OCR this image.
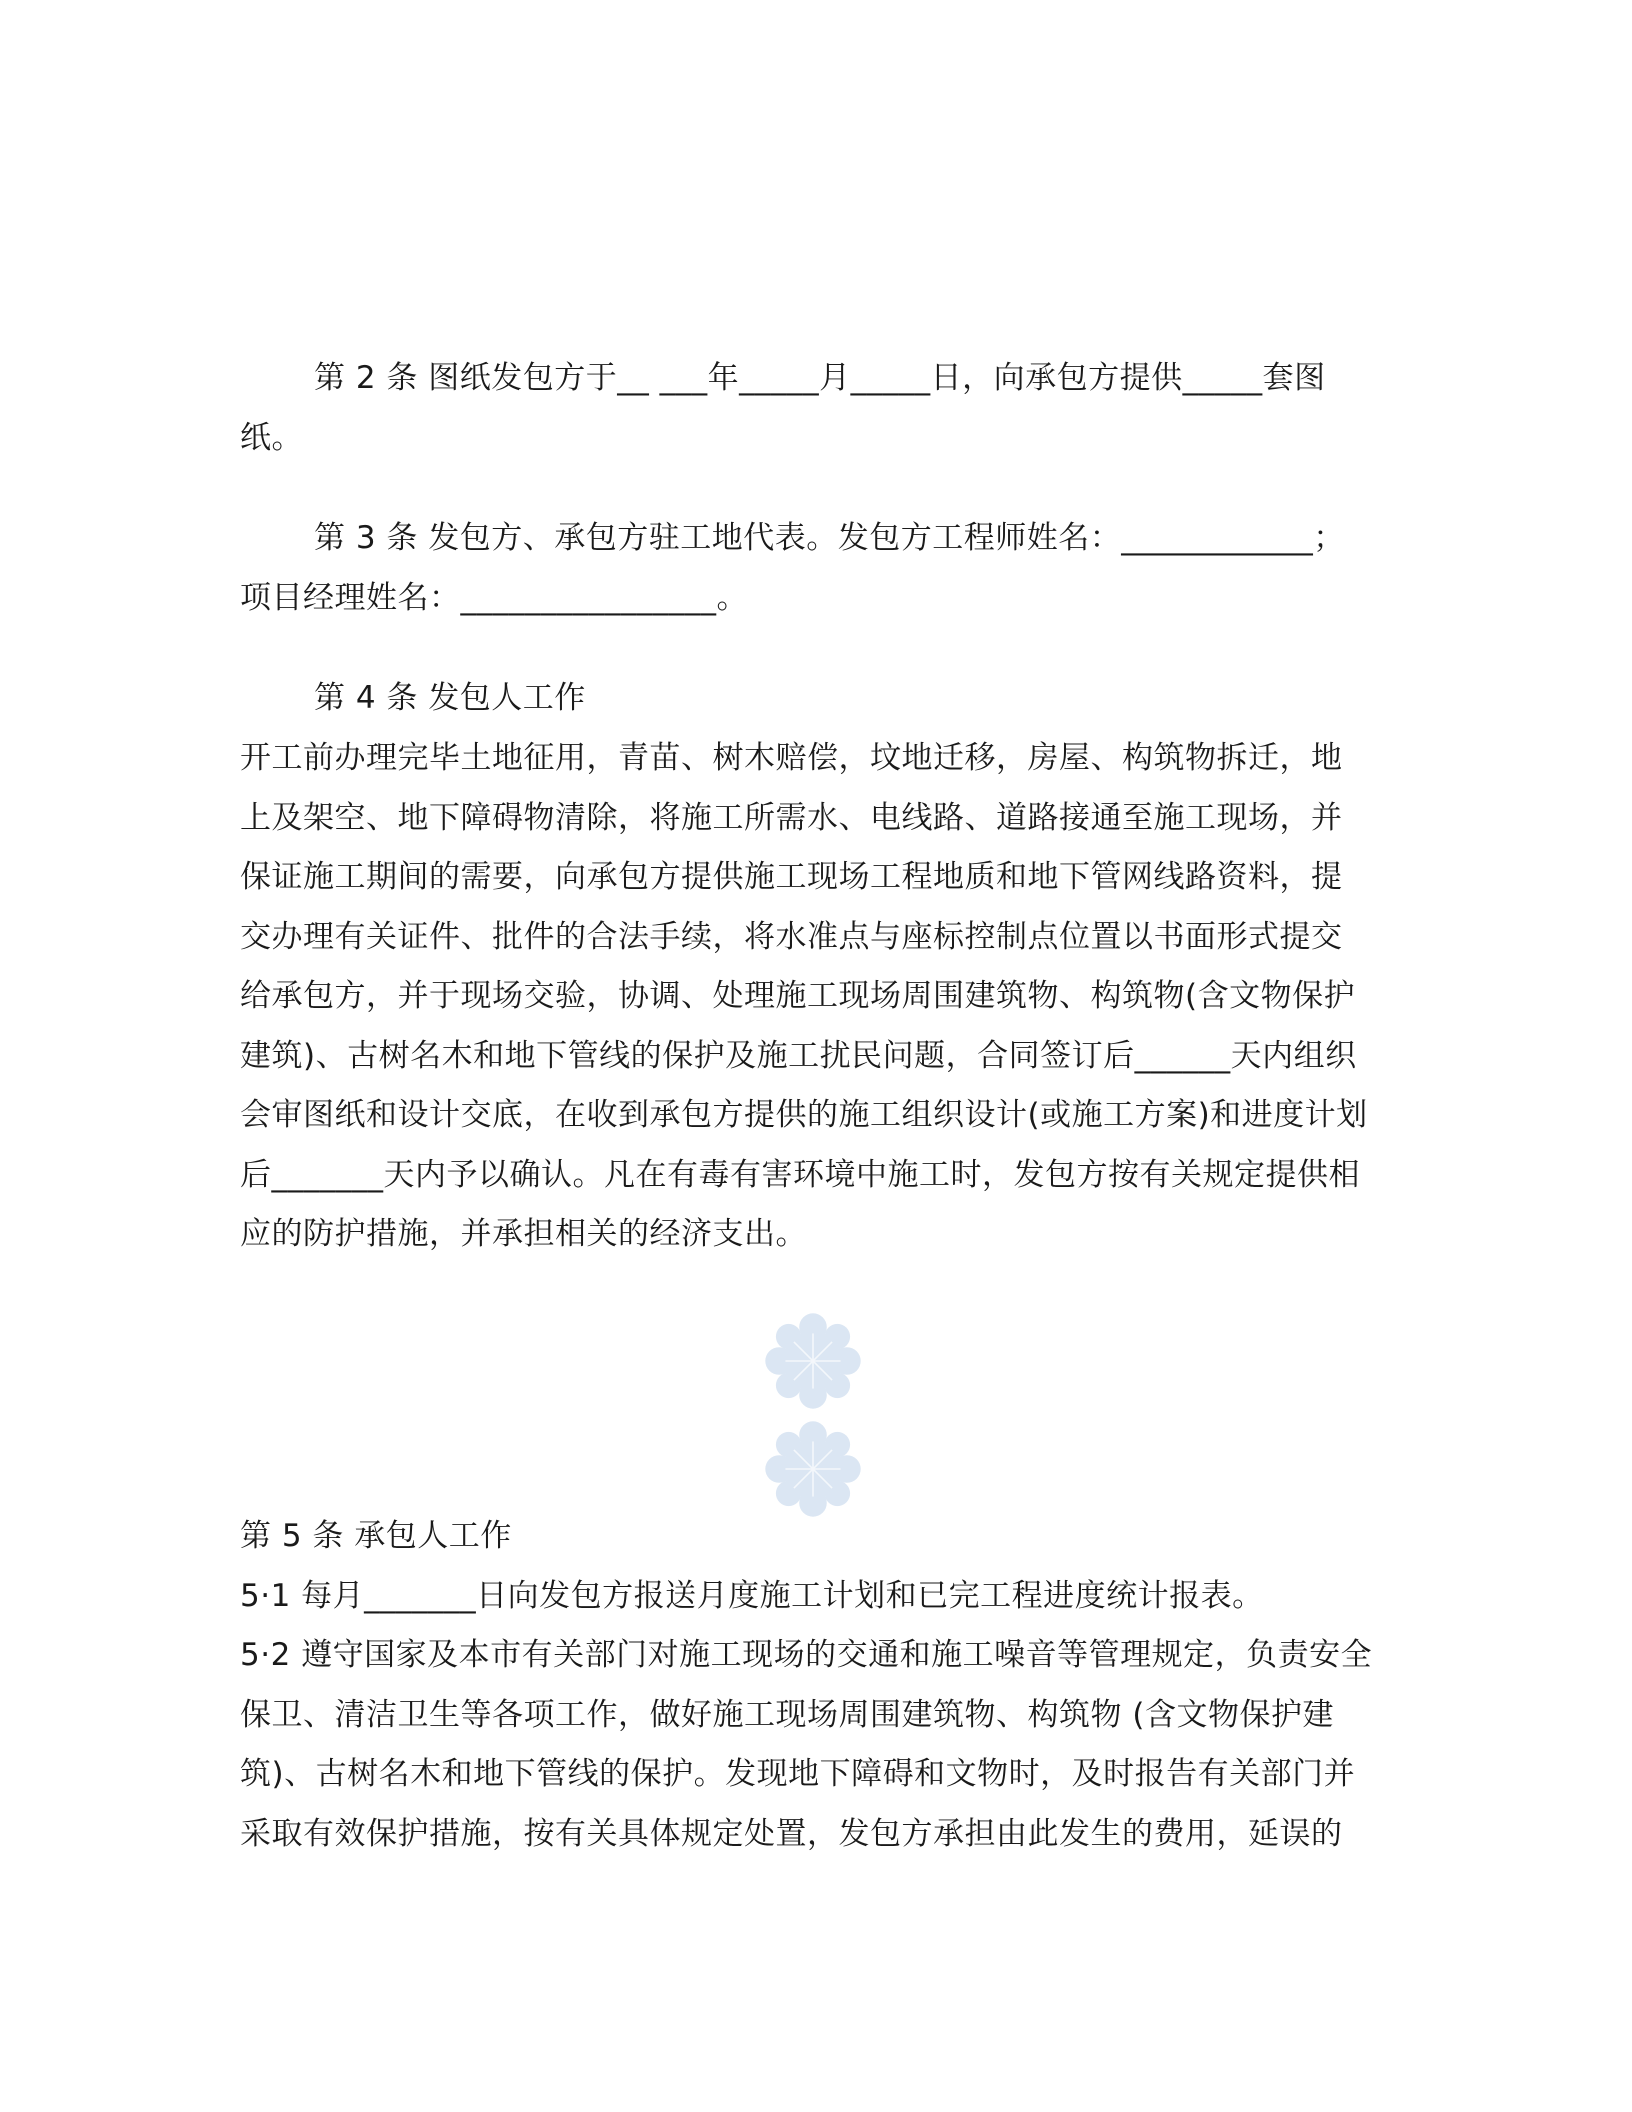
第 2 条 图纸发包方于__ ___年_____月_____日，向承包方提供_____套图
纸。
第 3 条 发包方、承包方驻工地代表。发包方工程师姓名：____________；
项目经理姓名：________________。
第 4 条 发包人工作
开工前办理完毕土地征用，青苗、树木赔偿，坟地迁移，房屋、构筑物拆迁，地
上及架空、地下障碍物清除，将施工所需水、电线路、道路接通至施工现场，并
保证施工期间的需要，向承包方提供施工现场工程地质和地下管网线路资料，提
交办理有关证件、批件的合法手续，将水准点与座标控制点位置以书面形式提交
给承包方，并于现场交验，协调、处理施工现场周围建筑物、构筑物(含文物保护
建筑)、古树名木和地下管线的保护及施工扰民问题，合同签订后______天内组织
会审图纸和设计交底，在收到承包方提供的施工组织设计(或施工方案)和进度计划
后_______天内予以确认。凡在有毒有害环境中施工时，发包方按有关规定提供相
应的防护措施，并承担相关的经济支出。
第 5 条 承包人工作
5·1 每月_______日向发包方报送月度施工计划和已完工程进度统计报表。
5·2 遵守国家及本市有关部门对施工现场的交通和施工噪音等管理规定，负责安全
保卫、清洁卫生等各项工作，做好施工现场周围建筑物、构筑物 (含文物保护建
筑)、古树名木和地下管线的保护。发现地下障碍和文物时，及时报告有关部门并
采取有效保护措施，按有关具体规定处置，发包方承担由此发生的费用，延误的
